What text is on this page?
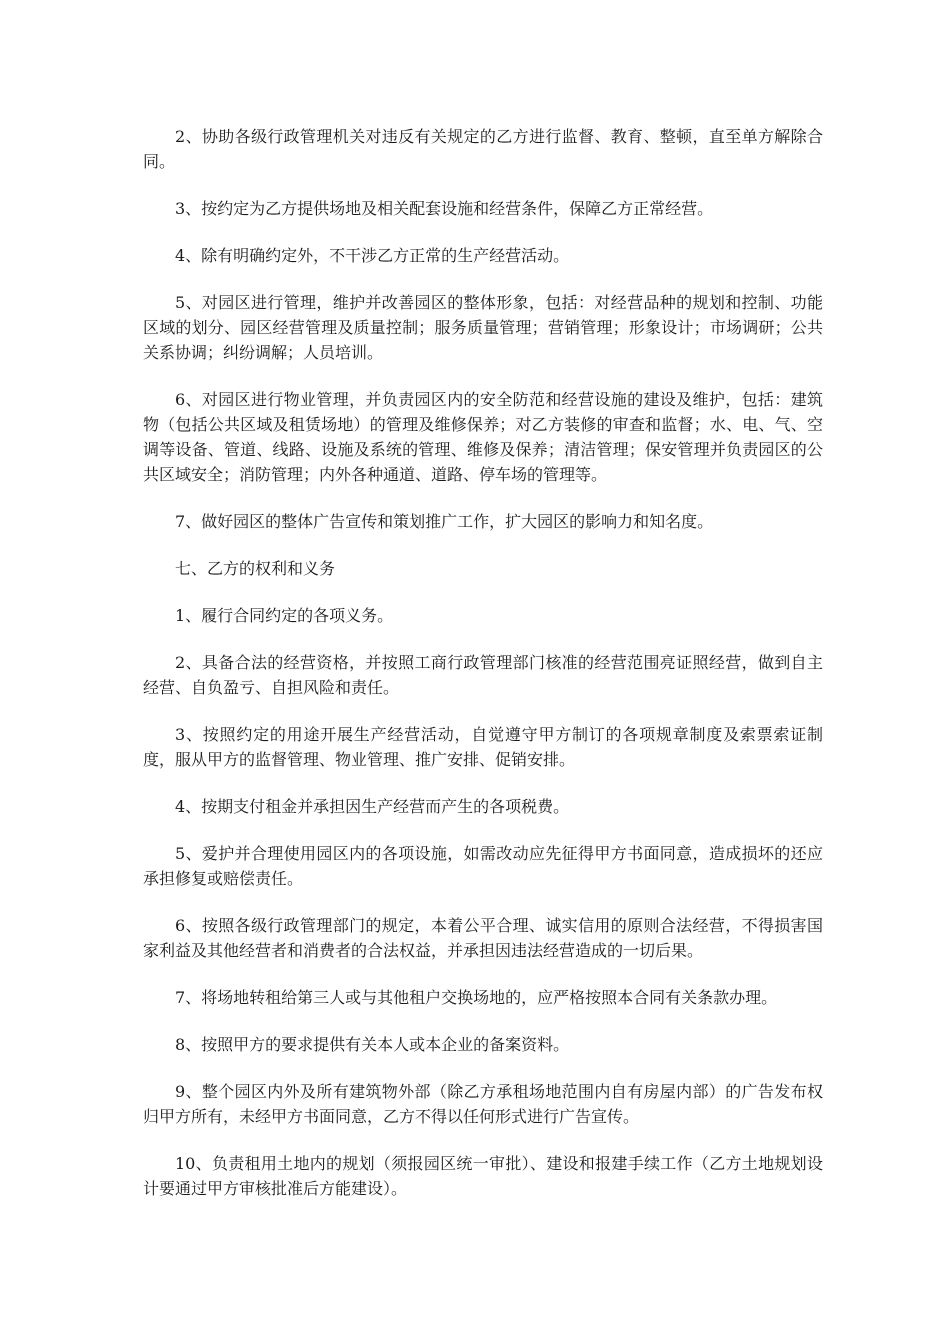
2、协助各级行政管理机关对违反有关规定的乙方进行监督、教育、整顿，直至单方解除合同。

3、按约定为乙方提供场地及相关配套设施和经营条件，保障乙方正常经营。

4、除有明确约定外，不干涉乙方正常的生产经营活动。

5、对园区进行管理，维护并改善园区的整体形象，包括：对经营品种的规划和控制、功能区域的划分、园区经营管理及质量控制；服务质量管理；营销管理；形象设计；市场调研；公共关系协调；纠纷调解；人员培训。

6、对园区进行物业管理，并负责园区内的安全防范和经营设施的建设及维护，包括：建筑物（包括公共区域及租赁场地）的管理及维修保养；对乙方装修的审查和监督；水、电、气、空调等设备、管道、线路、设施及系统的管理、维修及保养；清洁管理；保安管理并负责园区的公共区域安全；消防管理；内外各种通道、道路、停车场的管理等。

7、做好园区的整体广告宣传和策划推广工作，扩大园区的影响力和知名度。

七、乙方的权利和义务

1、履行合同约定的各项义务。

2、具备合法的经营资格，并按照工商行政管理部门核准的经营范围亮证照经营，做到自主经营、自负盈亏、自担风险和责任。

3、按照约定的用途开展生产经营活动，自觉遵守甲方制订的各项规章制度及索票索证制度，服从甲方的监督管理、物业管理、推广安排、促销安排。

4、按期支付租金并承担因生产经营而产生的各项税费。

5、爱护并合理使用园区内的各项设施，如需改动应先征得甲方书面同意，造成损坏的还应承担修复或赔偿责任。

6、按照各级行政管理部门的规定，本着公平合理、诚实信用的原则合法经营，不得损害国家利益及其他经营者和消费者的合法权益，并承担因违法经营造成的一切后果。

7、将场地转租给第三人或与其他租户交换场地的，应严格按照本合同有关条款办理。

8、按照甲方的要求提供有关本人或本企业的备案资料。

9、整个园区内外及所有建筑物外部（除乙方承租场地范围内自有房屋内部）的广告发布权归甲方所有，未经甲方书面同意，乙方不得以任何形式进行广告宣传。

10、负责租用土地内的规划（须报园区统一审批）、建设和报建手续工作（乙方土地规划设计要通过甲方审核批准后方能建设）。
